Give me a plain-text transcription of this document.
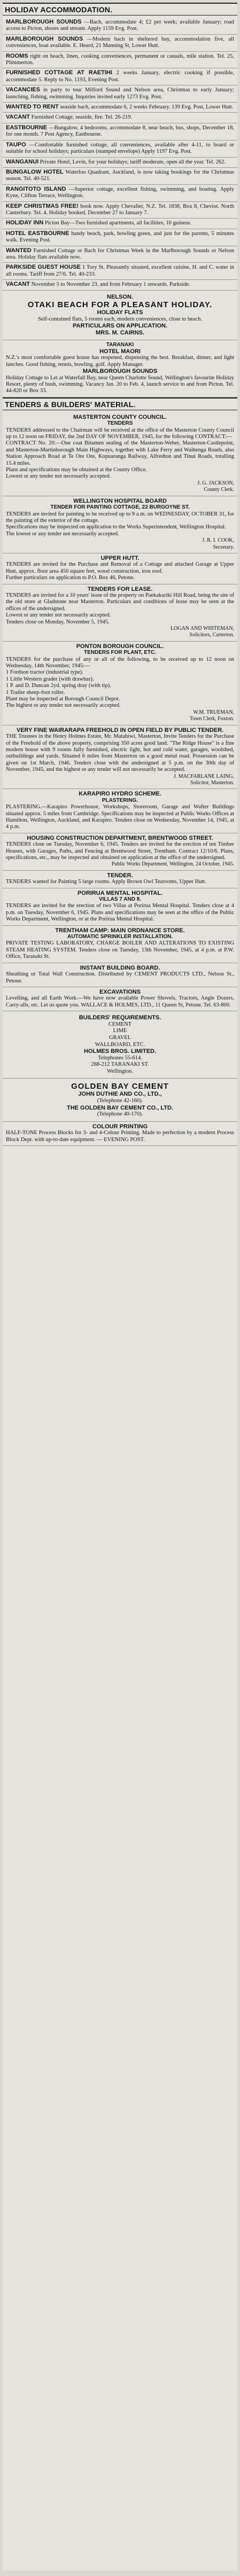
HOLIDAY ACCOMMODATION.
MARLBOROUGH SOUNDS —Bach, accommodate 4; £2 per week; available January; road access to Picton, shores and stream. Apply 1159 Evg. Post.
MARLBOROUGH SOUNDS —Modern bach in sheltered bay, accommodation five, all conveniences, boat available. E. Heard, 21 Manning St, Lower Hutt.
ROOMS right on beach, linen, cooking conveniences, permanent or casuals, mile station. Tel. 25, Plimmerton.
FURNISHED COTTAGE AT RAETIHI 2 weeks January, electric cooking if possible, accommodate 5. Reply to No. 1193, Evening Post.
VACANCIES in party to tour Milford Sound and Nelson area, Christmas to early January; launching, fishing, swimming. Inquiries invited early 1273 Evg. Post.
WANTED TO RENT seaside bach, accommodate 6, 2 weeks February. 139 Evg. Post, Lower Hutt.
VACANT Furnished Cottage, seaside, fire. Tel. 26-219.
EASTBOURNE —Bungalow, 4 bedrooms, accommodate 8, near beach, bus, shops, December 18, for one month. 7 Post Agency, Eastbourne.
TAUPO —Comfortable furnished cottage, all conveniences, available after 4-11, to board or suitable for school holidays; particulars (stamped envelope) Apply 1197 Evg. Post.
WANGANUI Private Hotel, Levin, for your holidays; tariff moderate, open all the year. Tel. 262.
BUNGALOW HOTEL Waterloo Quadrant, Auckland, is now taking bookings for the Christmas season. Tel. 40-521.
RANGITOTO ISLAND —Superior cottage, excellent fishing, swimming, and boating. Apply Kyne, Clifton Terrace, Wellington.
KEEP CHRISTMAS FREE! book now. Apply Chevalier, N.Z. Tel. 1838, Box 8, Cheviot. North Canterbury. Tel. 4. Holiday booked, December 27 to January 7.
HOLIDAY INN Picton Bay—Two furnished apartments, all facilities; 10 guineas.
HOTEL EASTBOURNE handy beach, park, bowling green, and just for the parents, 5 minutes walk. Evening Post.
WANTED Furnished Cottage or Bach for Christmas Week in the Marlborough Sounds or Nelson area. Holiday flats available now.
PARKSIDE GUEST HOUSE 1 Tory St. Pleasantly situated, excellent cuisine, H. and C. water in all rooms. Tariff from 27/6. Tel. 40-233.
VACANT November 5 to November 23, and from February 1 onwards. Parkside.
NELSON.
OTAKI BEACH FOR A PLEASANT HOLIDAY.
HOLIDAY FLATS
Self-contained flats, 5 rooms each, modern conveniences, close to beach.
PARTICULARS ON APPLICATION.
MRS. M. CAIRNS.
TARANAKI
HOTEL MAORI
N.Z.'s most comfortable guest house has reopened, dispensing the best. Breakfast, dinner, and light lunches. Good fishing, tennis, bowling, golf. Apply Manager.
MARLBOROUGH SOUNDS
Holiday Cottage to Let at Waterfall Bay, near Queen Charlotte Sound, Wellington's favourite Holiday Resort, plenty of bush, swimming. Vacancy Jan. 20 to Feb. 4, launch service to and from Picton. Tel. 44-820 or Box 33.
TENDERS & BUILDERS' MATERIAL.
MASTERTON COUNTY COUNCIL.
TENDERS
TENDERS addressed to the Chairman will be received at the office of the Masterton County Council up to 12 noon on FRIDAY, the 2nd DAY OF NOVEMBER, 1945, for the following CONTRACT:—
CONTRACT No. 20:—One coat Bitumen sealing of the Masterton-Weber, Masterton-Castlepoint, and Masterton-Martinborough Main Highways, together with Lake Ferry and Waihenga Roads, also Station Approach Road at Te Ore Ore, Kopuaranga Railway, Alfredton and Tinui Roads, totalling 15.4 miles.
Plans and specifications may be obtained at the County Office.
Lowest or any tender not necessarily accepted.
J. G. JACKSON,
County Clerk.
WELLINGTON HOSPITAL BOARD
TENDER FOR PAINTING COTTAGE, 22 BURGOYNE ST.
TENDERS are invited for painting to be received up to 9 a.m. on WEDNESDAY, OCTOBER 31, for the painting of the exterior of the cottage.
Specifications may be inspected on application to the Works Superintendent, Wellington Hospital.
The lowest or any tender not necessarily accepted.
J. R. I. COOK,
Secretary.
UPPER HUTT.
TENDERS are invited for the Purchase and Removal of a Cottage and attached Garage at Upper Hutt, approx. floor area 450 square feet, wood construction, iron roof.
Further particulars on application to P.O. Box 46, Petone.
TENDERS FOR LEASE.
TENDERS are invited for a 10 years' lease of the property on Paekakariki Hill Road, being the site of the old store at Gladstone near Masterton. Particulars and conditions of lease may be seen at the offices of the undersigned.
Lowest or any tender not necessarily accepted.
Tenders close on Monday, November 5, 1945.
LOGAN AND WHITEMAN,
Solicitors, Carterton.
PONTON BOROUGH COUNCIL.
TENDERS FOR PLANT, ETC.
TENDERS for the purchase of any or all of the following, to be received up to 12 noon on Wednesday, 14th November, 1945:—
1 Fordson tractor (industrial type).
1 Little Western grader (with drawbar).
1 P. and D. Duncan 2yd. spring dray (with tip).
1 Trailer sheep-foot roller.
Plant may be inspected at Borough Council Depot.
The highest or any tender not necessarily accepted.
W.M. TRUEMAN,
Town Clerk, Foxton.
VERY FINE WAIRARAPA FREEHOLD IN OPEN FIELD BY PUBLIC TENDER.
THE Trustees in the Henry Holmes Estate, Mr. Matahiwi, Masterton, Invite Tenders for the Purchase of the Freehold of the above property, comprising 350 acres good land. "The Ridge House" is a fine modern house with 9 rooms fully furnished, electric light, hot and cold water, garages, woolshed, outbuildings and yards. Situated 6 miles from Masterton on a good metal road. Possession can be given on 1st March, 1946. Tenders close with the undersigned at 5 p.m. on the 30th day of November, 1945, and the highest or any tender will not necessarily be accepted.
J. MACFARLANE LAING,
Solicitor, Masterton.
KARAPIRO HYDRO SCHEME.
PLASTERING.
PLASTERING.—Karapiro Powerhouse, Workshops, Storeroom, Garage and Wafter Buildings situated approx. 5 miles from Cambridge. Specifications may be inspected at Public Works Offices at Hamilton, Wellington, Auckland, and Karapiro. Tenders close on Wednesday, November 14, 1945, at 4 p.m.
HOUSING CONSTRUCTION DEPARTMENT, BRENTWOOD STREET.
TENDERS close on Tuesday, November 6, 1945. Tenders are invited for the erection of ten Timber Houses, with Garages, Paths, and Fencing at Brentwood Street, Trentham. Contract 12/10/6. Plans, specifications, etc., may be inspected and obtained on application at the office of the undersigned.
Public Works Department, Wellington, 24 October, 1945.
TENDER.
TENDERS wanted for Painting 5 large rooms. Apply Brown Owl Tearooms, Upper Hutt.
PORIRUA MENTAL HOSPITAL.
VILLAS 7 AND 8.
TENDERS are invited for the erection of two Villas at Porirua Mental Hospital. Tenders close at 4 p.m. on Tuesday, November 6, 1945. Plans and specifications may be seen at the office of the Public Works Department, Wellington, or at the Porirua Mental Hospital.
TRENTHAM CAMP: MAIN ORDNANCE STORE.
AUTOMATIC SPRINKLER INSTALLATION.
PRIVATE TESTING LABORATORY, CHARGE BOILER AND ALTERATIONS TO EXISTING STEAM HEATING SYSTEM. Tenders close on Tuesday, 13th November, 1945, at 4 p.m. at P.W. Office, Taranaki St.
INSTANT BUILDING BOARD.
Sheathing or Total Wall Construction. Distributed by CEMENT PRODUCTS LTD., Nelson St., Petone.
EXCAVATIONS
Levelling, and all Earth Work.—We have now available Power Shovels, Tractors, Angle Dozers, Carry-alls, etc. Let us quote you. WALLACE & HOLMES, LTD., 11 Queen St, Petone. Tel. 63-800.
BUILDERS' REQUIREMENTS.
CEMENT
LIME
GRAVEL
WALLBOARD, ETC.
HOLMES BROS. LIMITED.
Telephones 55-614.
288-212 TARANAKI ST.
Wellington.
GOLDEN BAY CEMENT
JOHN DUTHIE AND CO., LTD.,
(Telephone 42-160).
THE GOLDEN BAY CEMENT CO., LTD.
(Telephone 40-170).
COLOUR PRINTING
HALF-TONE Process Blocks for 3- and 4-Colour Printing. Made to perfection by a modern Process Block Dept. with up-to-date equipment. — EVENING POST.
